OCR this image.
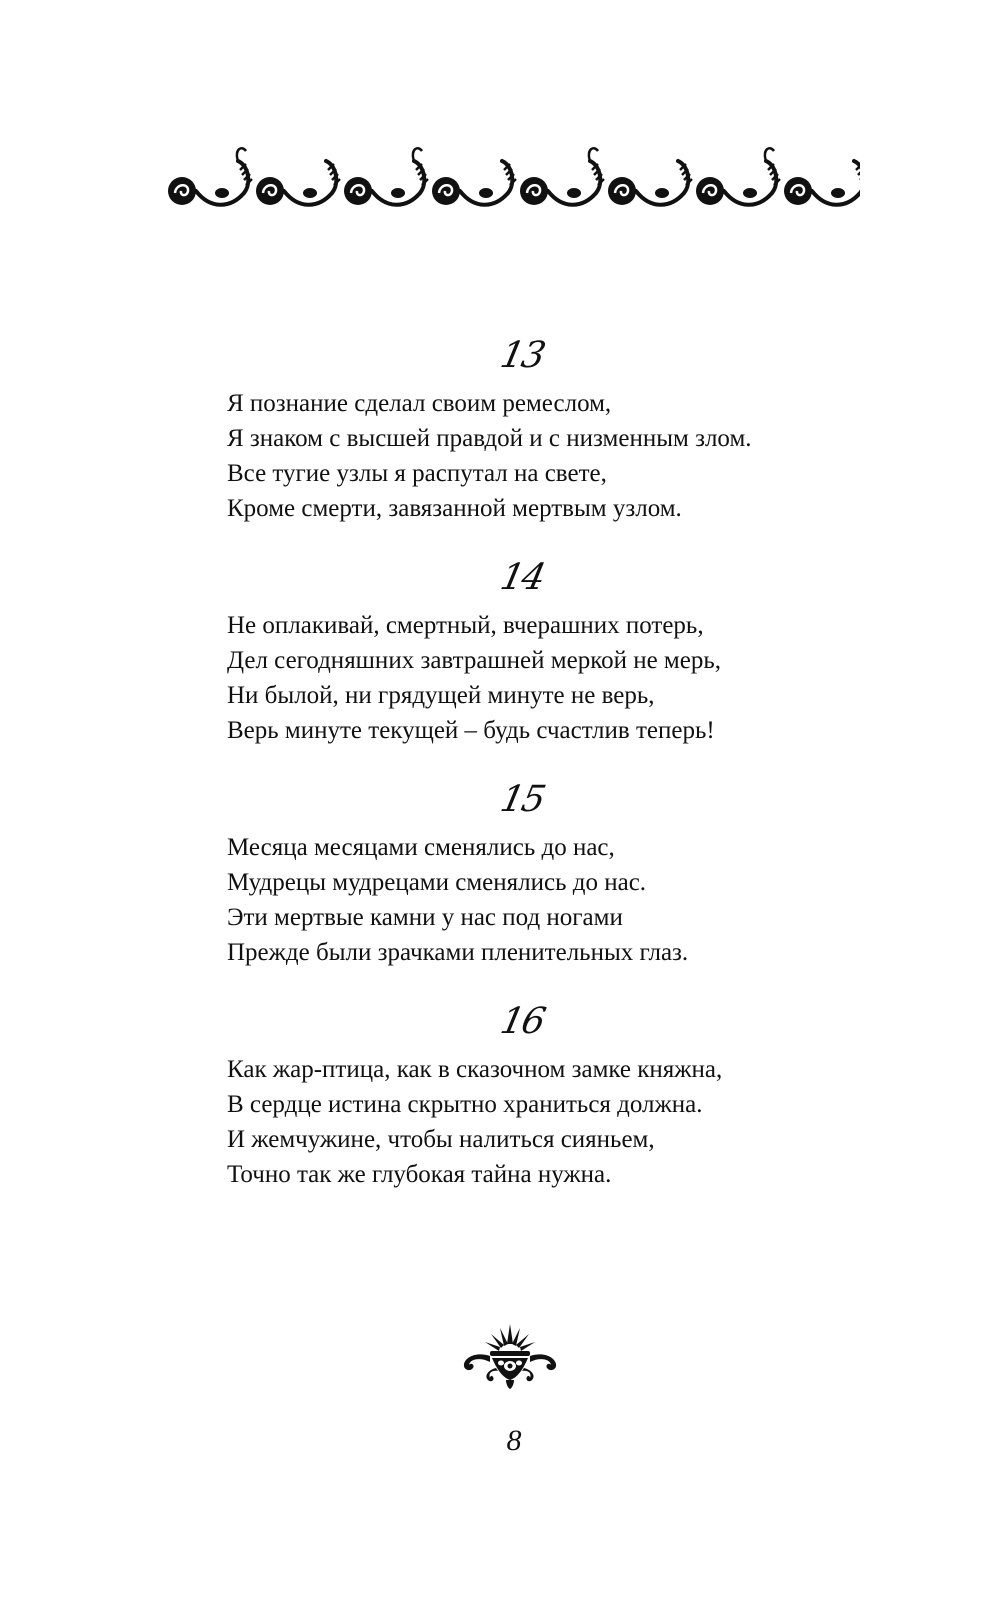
13
Я познание сделал своим ремеслом,
Я знаком с высшей правдой и с низменным злом.
Все тугие узлы я распутал на свете,
Кроме смерти, завязанной мертвым узлом.
14
Не оплакивай, смертный, вчерашних потерь,
Дел сегодняшних завтрашней меркой не мерь,
Ни былой, ни грядущей минуте не верь,
Верь минуте текущей – будь счастлив теперь!
15
Месяца месяцами сменялись до нас,
Мудрецы мудрецами сменялись до нас.
Эти мертвые камни у нас под ногами
Прежде были зрачками пленительных глаз.
16
Как жар-птица, как в сказочном замке княжна,
В сердце истина скрытно храниться должна.
И жемчужине, чтобы налиться сияньем,
Точно так же глубокая тайна нужна.
8
